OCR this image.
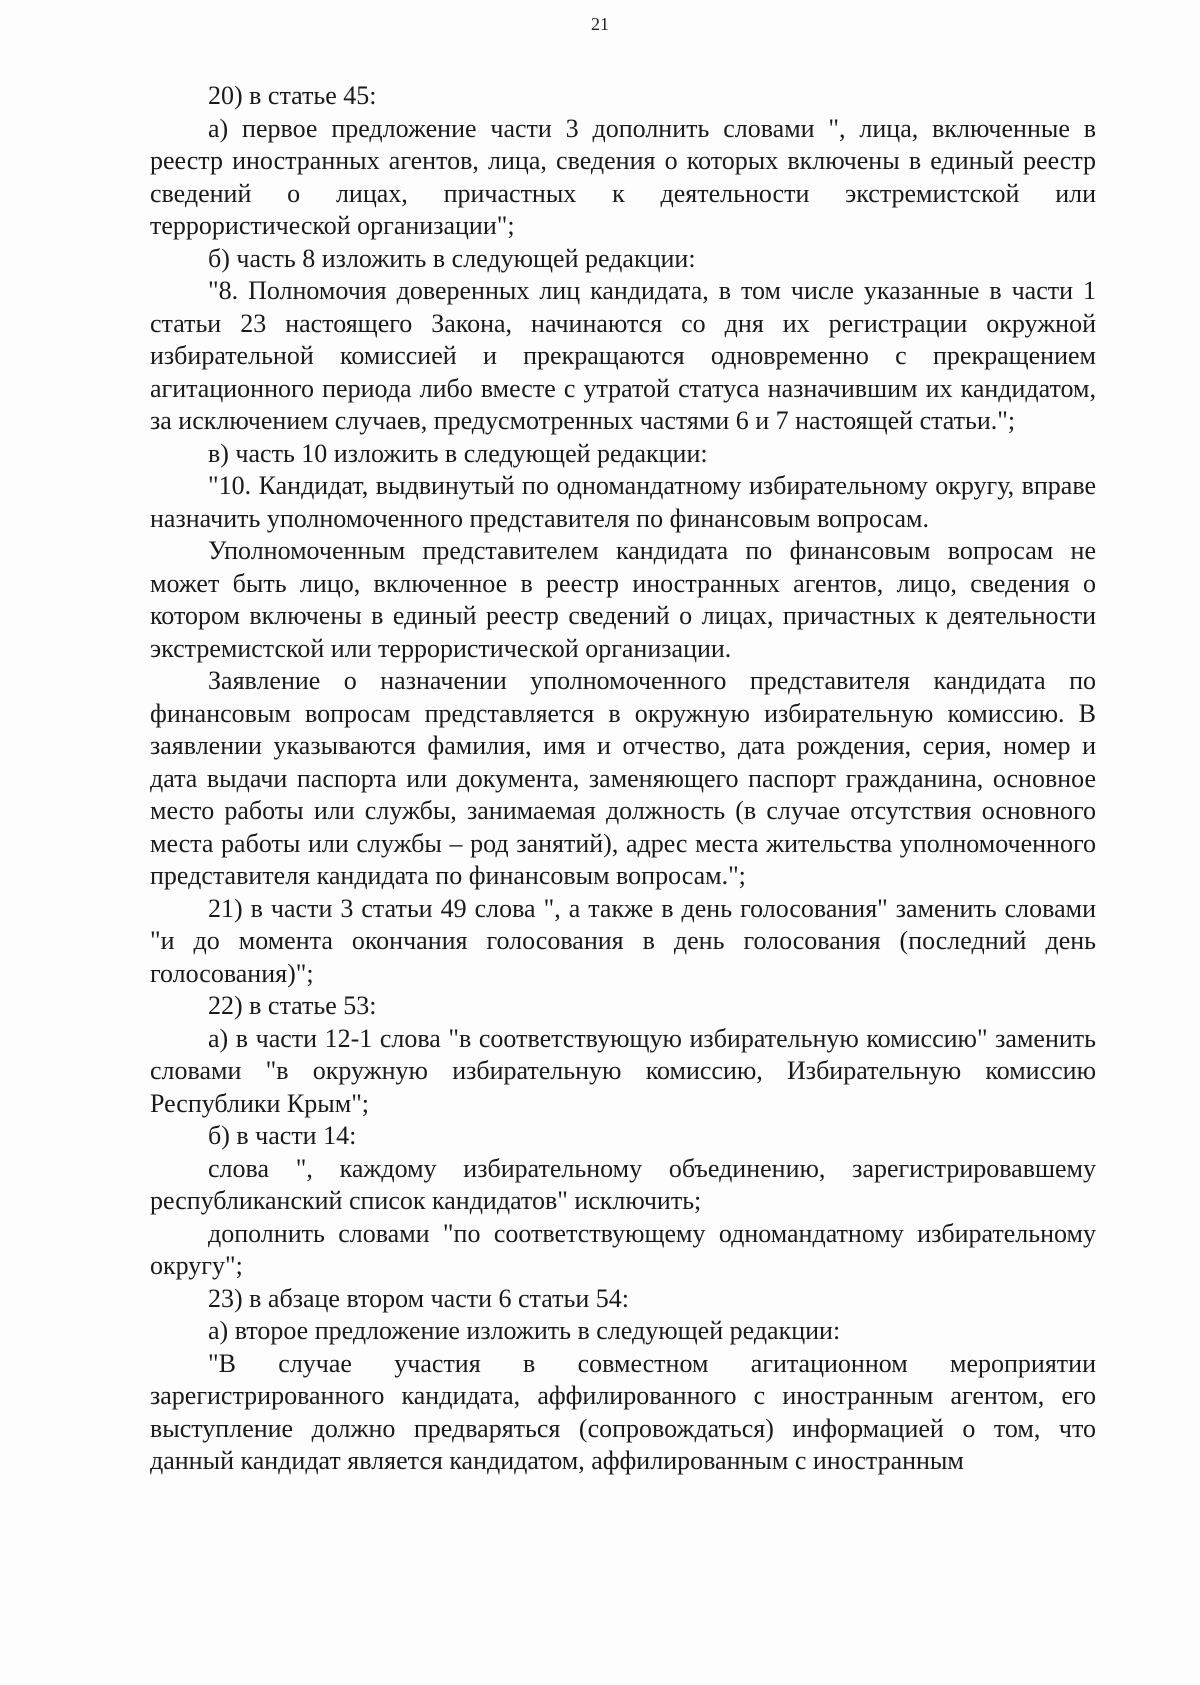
21

20) в статье 45:

а) первое предложение части 3 дополнить словами ", лица, включенные в реестр иностранных агентов, лица, сведения о которых включены в единый реестр сведений о лицах, причастных к деятельности экстремистской или террористической организации";

б) часть 8 изложить в следующей редакции:

"8. Полномочия доверенных лиц кандидата, в том числе указанные в части 1 статьи 23 настоящего Закона, начинаются со дня их регистрации окружной избирательной комиссией и прекращаются одновременно с прекращением агитационного периода либо вместе с утратой статуса назначившим их кандидатом, за исключением случаев, предусмотренных частями 6 и 7 настоящей статьи.";

в) часть 10 изложить в следующей редакции:

"10. Кандидат, выдвинутый по одномандатному избирательному округу, вправе назначить уполномоченного представителя по финансовым вопросам.

Уполномоченным представителем кандидата по финансовым вопросам не может быть лицо, включенное в реестр иностранных агентов, лицо, сведения о котором включены в единый реестр сведений о лицах, причастных к деятельности экстремистской или террористической организации.

Заявление о назначении уполномоченного представителя кандидата по финансовым вопросам представляется в окружную избирательную комиссию. В заявлении указываются фамилия, имя и отчество, дата рождения, серия, номер и дата выдачи паспорта или документа, заменяющего паспорт гражданина, основное место работы или службы, занимаемая должность (в случае отсутствия основного места работы или службы – род занятий), адрес места жительства уполномоченного представителя кандидата по финансовым вопросам.";

21) в части 3 статьи 49 слова ", а также в день голосования" заменить словами "и до момента окончания голосования в день голосования (последний день голосования)";

22) в статье 53:

а) в части 12-1 слова "в соответствующую избирательную комиссию" заменить словами "в окружную избирательную комиссию, Избирательную комиссию Республики Крым";

б) в части 14:

слова ", каждому избирательному объединению, зарегистрировавшему республиканский список кандидатов" исключить;

дополнить словами "по соответствующему одномандатному избирательному округу";

23) в абзаце втором части 6 статьи 54:

а) второе предложение изложить в следующей редакции:

"В случае участия в совместном агитационном мероприятии зарегистрированного кандидата, аффилированного с иностранным агентом, его выступление должно предваряться (сопровождаться) информацией о том, что данный кандидат является кандидатом, аффилированным с иностранным
